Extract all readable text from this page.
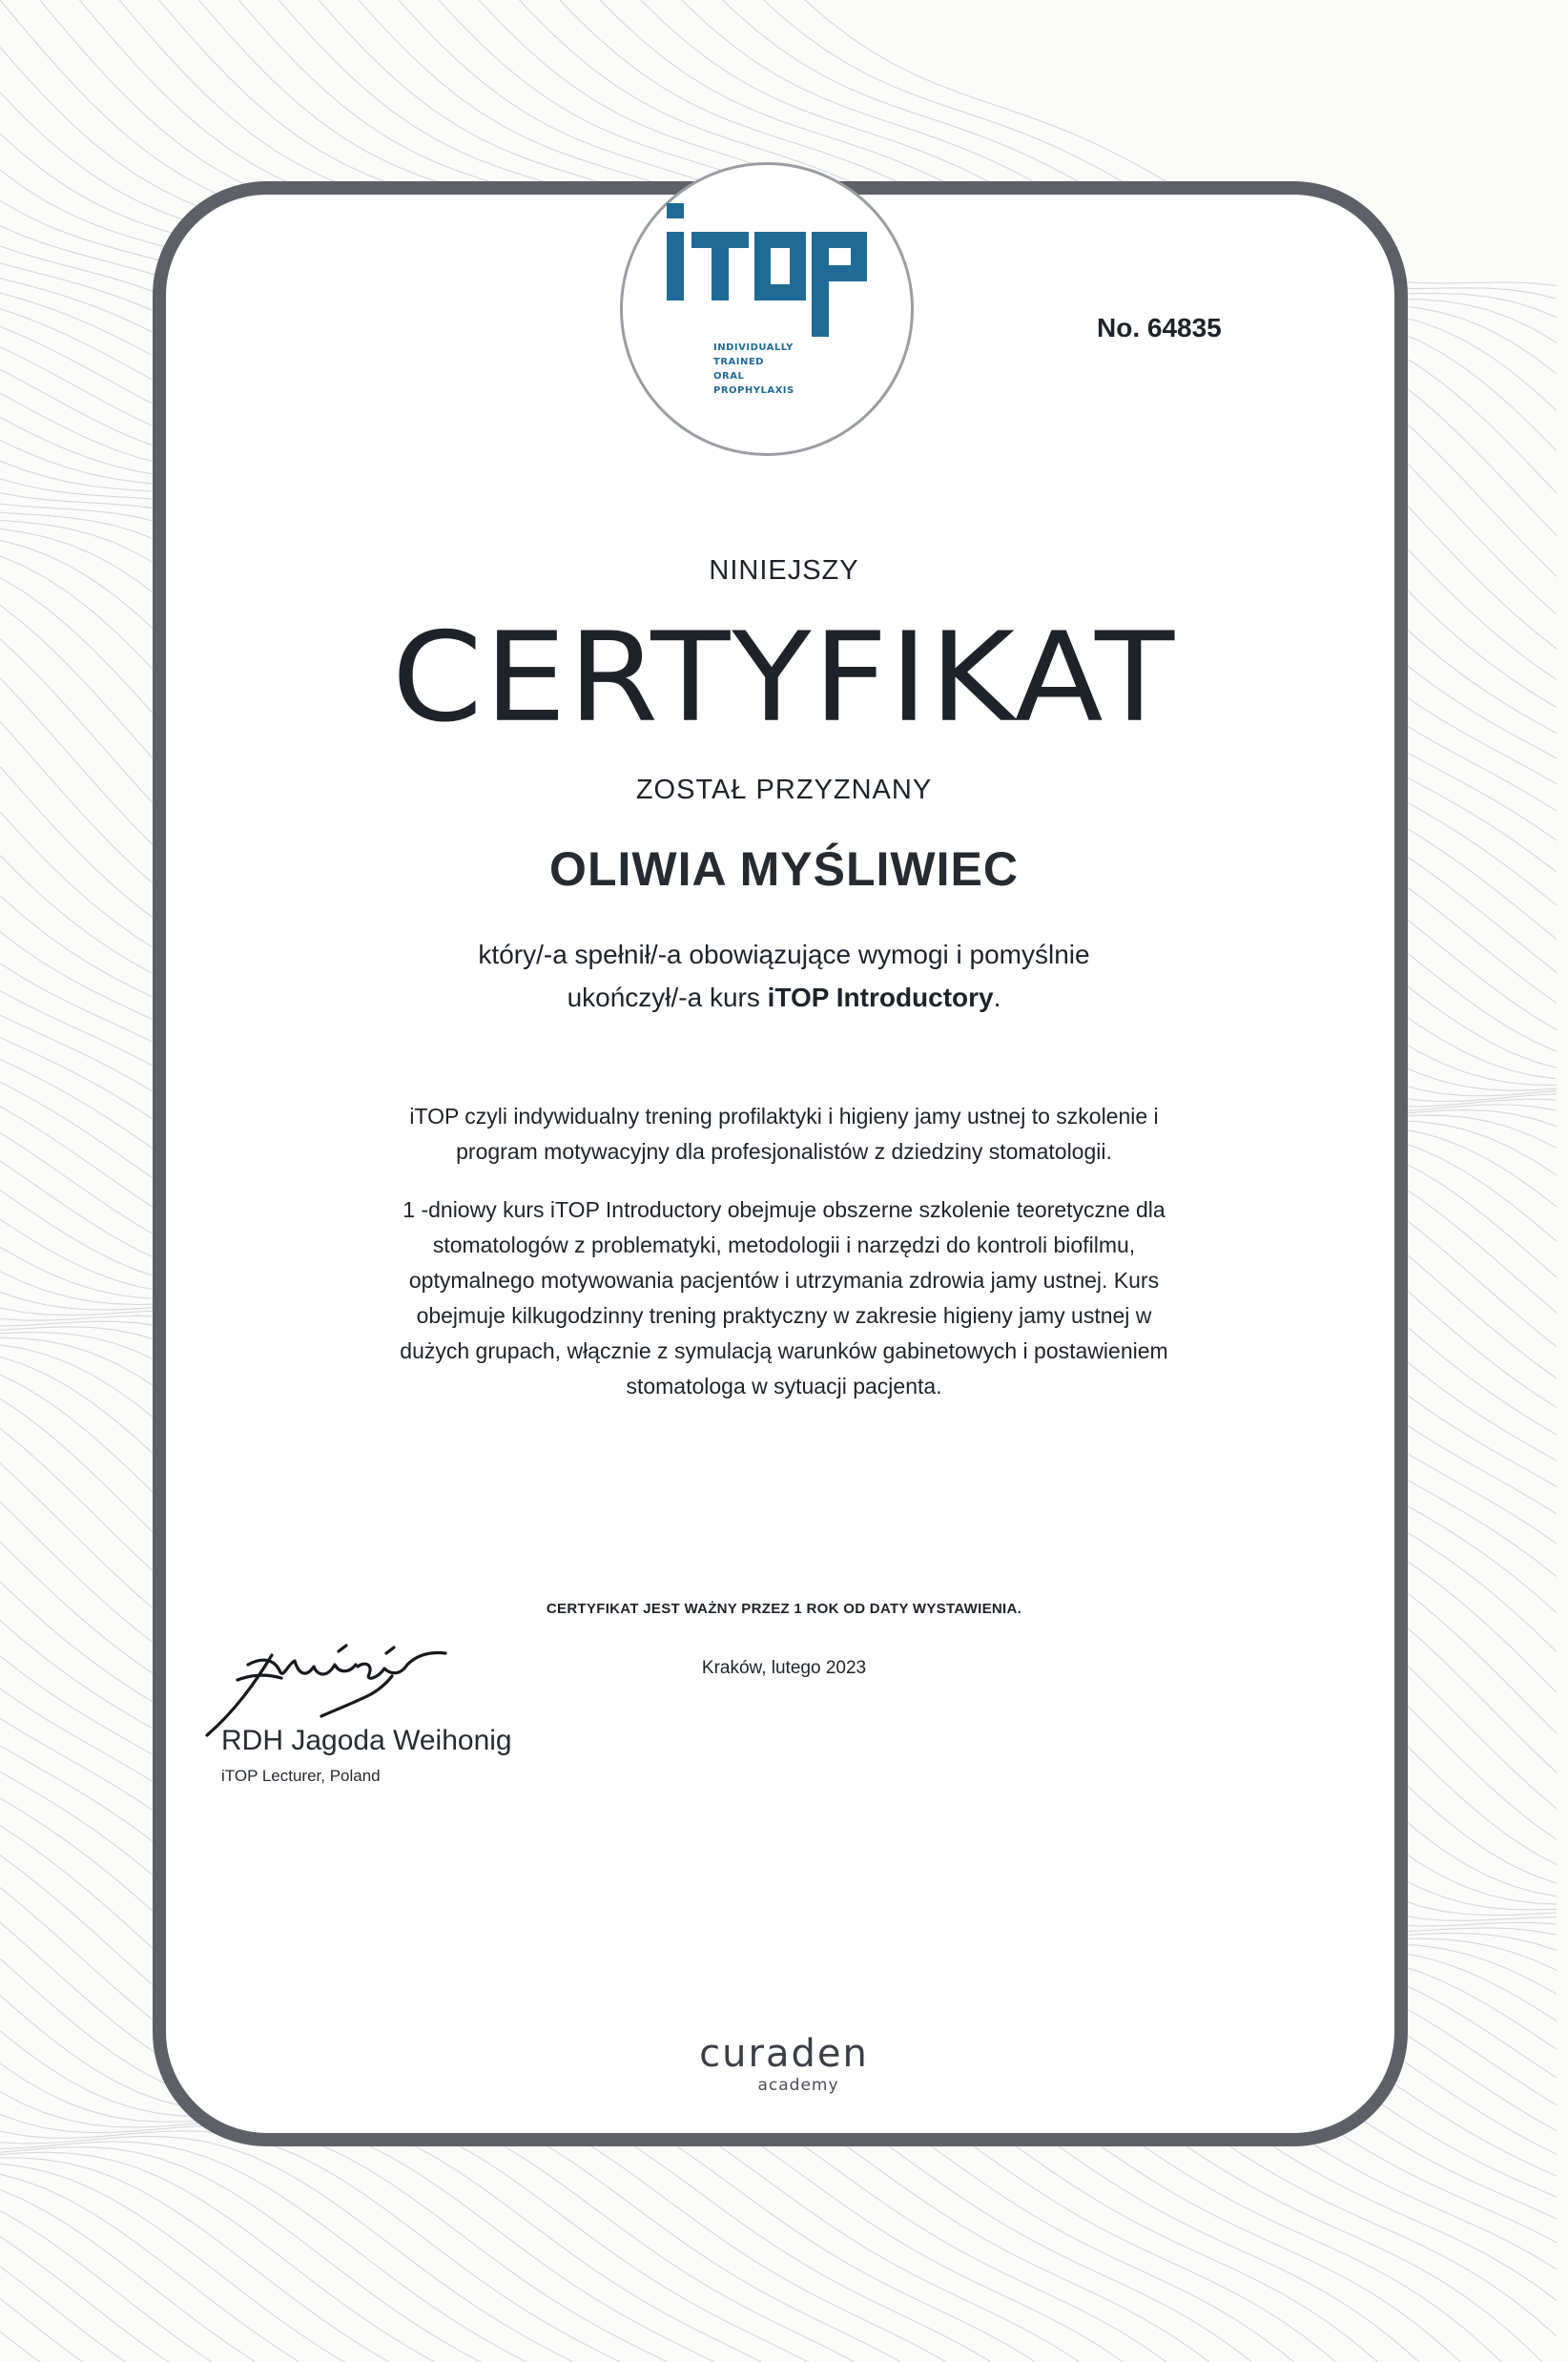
INDIVIDUALLY
TRAINED
ORAL
PROPHYLAXIS
No. 64835
NINIEJSZY
CERTYFIKAT
ZOSTAŁ PRZYZNANY
OLIWIA MYŚLIWIEC
który/-a spełnił/-a obowiązujące wymogi i pomyślnie
ukończył/-a kurs iTOP Introductory.

iTOP czyli indywidualny trening profilaktyki i higieny jamy ustnej to szkolenie i
program motywacyjny dla profesjonalistów z dziedziny stomatologii.

1 -dniowy kurs iTOP Introductory obejmuje obszerne szkolenie teoretyczne dla
stomatologów z problematyki, metodologii i narzędzi do kontroli biofilmu,
optymalnego motywowania pacjentów i utrzymania zdrowia jamy ustnej. Kurs
obejmuje kilkugodzinny trening praktyczny w zakresie higieny jamy ustnej w
dużych grupach, włącznie z symulacją warunków gabinetowych i postawieniem
stomatologa w sytuacji pacjenta.

CERTYFIKAT JEST WAŻNY PRZEZ 1 ROK OD DATY WYSTAWIENIA.
Kraków, lutego 2023
RDH Jagoda Weihonig
iTOP Lecturer, Poland
curaden
academy
